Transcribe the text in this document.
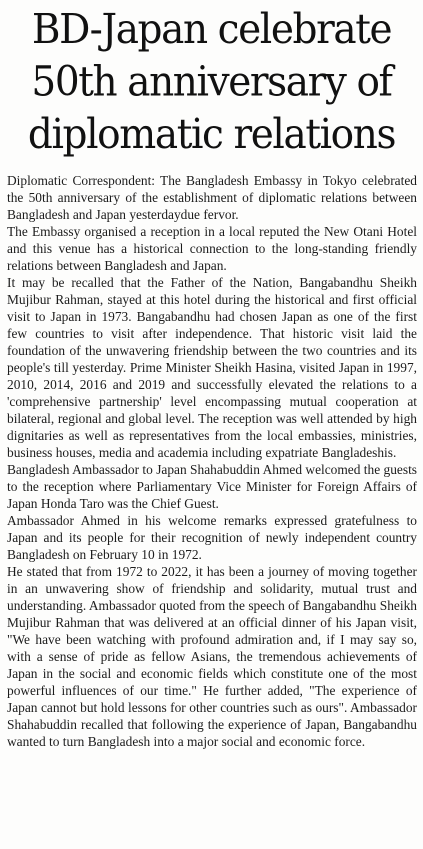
BD-Japan celebrate
50th anniversary of
diplomatic relations

Diplomatic Correspondent: The Bangladesh Embassy in Tokyo celebrated the 50th anniversary of the establishment of diplomatic relations between Bangladesh and Japan yesterdaydue fervor.

The Embassy organised a reception in a local reputed the New Otani Hotel and this venue has a historical connection to the long-standing friendly relations between Bangladesh and Japan.

It may be recalled that the Father of the Nation, Bangabandhu Sheikh Mujibur Rahman, stayed at this hotel during the historical and first official visit to Japan in 1973. Bangabandhu had chosen Japan as one of the first few countries to visit after independence. That historic visit laid the foundation of the unwavering friendship between the two countries and its people's till yesterday. Prime Minister Sheikh Hasina, visited Japan in 1997, 2010, 2014, 2016 and 2019 and successfully elevated the relations to a 'comprehensive partnership' level encompassing mutual cooperation at bilateral, regional and global level. The reception was well attended by high dignitaries as well as representatives from the local embassies, ministries, business houses, media and academia including expatriate Bangladeshis.

Bangladesh Ambassador to Japan Shahabuddin Ahmed welcomed the guests to the reception where Parliamentary Vice Minister for Foreign Affairs of Japan Honda Taro was the Chief Guest.

Ambassador Ahmed in his welcome remarks expressed gratefulness to Japan and its people for their recognition of newly independent country Bangladesh on February 10 in 1972.

He stated that from 1972 to 2022, it has been a journey of moving together in an unwavering show of friendship and solidarity, mutual trust and understanding. Ambassador quoted from the speech of Bangabandhu Sheikh Mujibur Rahman that was delivered at an official dinner of his Japan visit, "We have been watching with profound admiration and, if I may say so, with a sense of pride as fellow Asians, the tremendous achievements of Japan in the social and economic fields which constitute one of the most powerful influences of our time." He further added, "The experience of Japan cannot but hold lessons for other countries such as ours". Ambassador Shahabuddin recalled that following the experience of Japan, Bangabandhu wanted to turn Bangladesh into a major social and economic force.
